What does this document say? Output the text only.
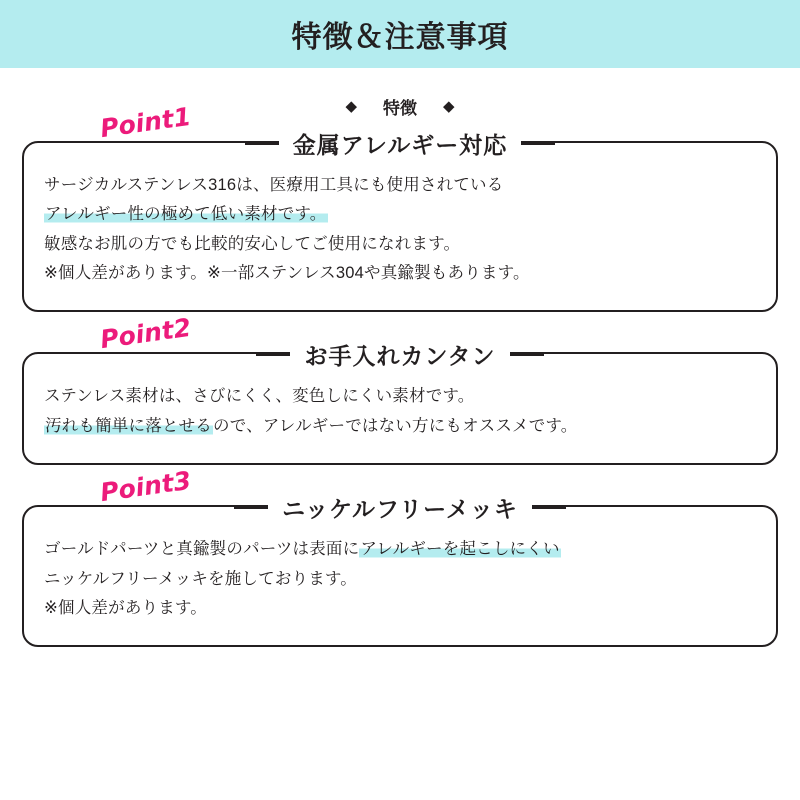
特徴＆注意事項
◆ 特徴 ◆
Point1
金属アレルギー対応
サージカルステンレス316は、医療用工具にも使用されている
アレルギー性の極めて低い素材です。
敏感なお肌の方でも比較的安心してご使用になれます。
※個人差があります。※一部ステンレス304や真鍮製もあります。
Point2
お手入れカンタン
ステンレス素材は、さびにくく、変色しにくい素材です。
汚れも簡単に落とせるので、アレルギーではない方にもオススメです。
Point3
ニッケルフリーメッキ
ゴールドパーツと真鍮製のパーツは表面にアレルギーを起こしにくい
ニッケルフリーメッキを施しております。
※個人差があります。
